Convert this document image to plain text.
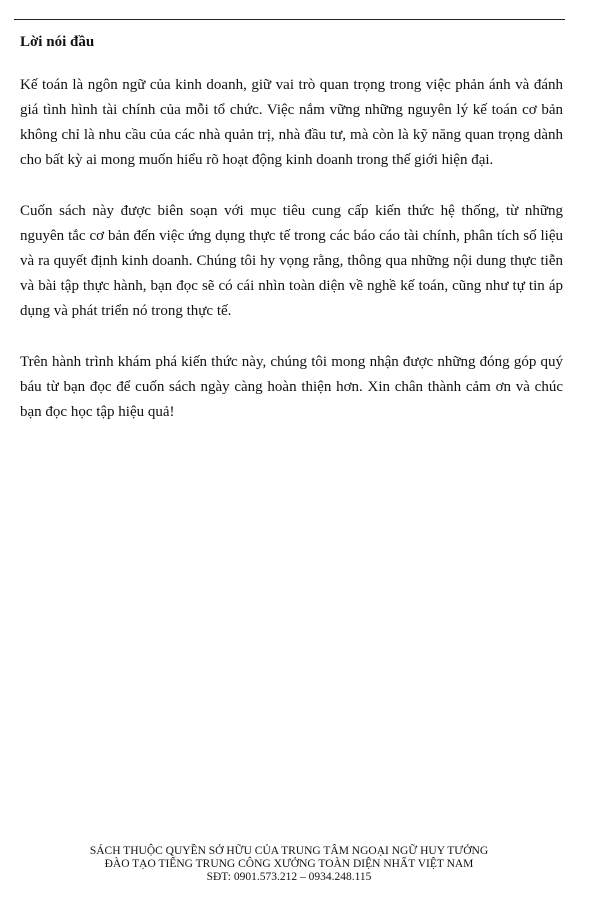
Lời nói đầu

Kế toán là ngôn ngữ của kinh doanh, giữ vai trò quan trọng trong việc phản ánh và đánh giá tình hình tài chính của mỗi tổ chức. Việc nắm vững những nguyên lý kế toán cơ bản không chỉ là nhu cầu của các nhà quản trị, nhà đầu tư, mà còn là kỹ năng quan trọng dành cho bất kỳ ai mong muốn hiểu rõ hoạt động kinh doanh trong thế giới hiện đại.

Cuốn sách này được biên soạn với mục tiêu cung cấp kiến thức hệ thống, từ những nguyên tắc cơ bản đến việc ứng dụng thực tế trong các báo cáo tài chính, phân tích số liệu và ra quyết định kinh doanh. Chúng tôi hy vọng rằng, thông qua những nội dung thực tiễn và bài tập thực hành, bạn đọc sẽ có cái nhìn toàn diện về nghề kế toán, cũng như tự tin áp dụng và phát triển nó trong thực tế.

Trên hành trình khám phá kiến thức này, chúng tôi mong nhận được những đóng góp quý báu từ bạn đọc để cuốn sách ngày càng hoàn thiện hơn. Xin chân thành cảm ơn và chúc bạn đọc học tập hiệu quả!

SÁCH THUỘC QUYỀN SỞ HỮU CỦA TRUNG TÂM NGOẠI NGỮ HUY TƯỞNG
ĐÀO TẠO TIẾNG TRUNG CÔNG XƯỞNG TOÀN DIỆN NHẤT VIỆT NAM
SĐT: 0901.573.212 – 0934.248.115
